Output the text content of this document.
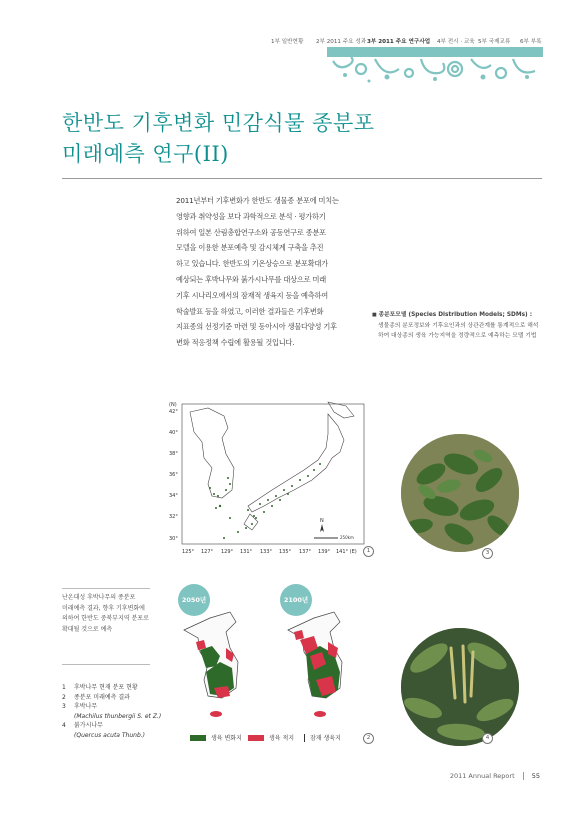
1부 일반현황 2부 2011 주요 성과 3부 2011 주요 연구사업 4부 전시 · 교육 5부 국제교류 6부 부록
한반도 기후변화 민감식물 종분포
미래예측 연구(II)

2011년부터 기후변화가 한반도 생물종 분포에 미치는

영향과 취약성을 보다 과학적으로 분석 · 평가하기

위하여 일본 산림총합연구소와 공동연구로 종분포

모델을 이용한 분포예측 및 감시체계 구축을 추진

하고 있습니다. 한반도의 기온상승으로 분포확대가

예상되는 후박나무와 붉가시나무를 대상으로 미래

기후 시나리오에서의 잠재적 생육지 등을 예측하여

학술발표 등을 하였고, 이러한 결과들은 기후변화

지표종의 선정기준 마련 및 동아시아 생물다양성 기후

변화 적응정책 수립에 활용될 것입니다.

■ 종분포모델 (Species Distribution Models; SDMs) :
생물종의 분포정보와 기후요인과의 상관관계를 통계적으로 해석
하여 대상종의 생육 가능지역을 정량적으로 예측하는 모델 기법
(N)
42°
40°
38°
36°
34°
32°
30°
125° 127° 129° 131° 133° 135° 137° 139° 141° (E)
N
250km
1	3
난온대성 후박나무의 종분포
미래예측 결과, 향후 기후변화에
의하여 한반도 중북부지역 분포로
확대될 것으로 예측
2050년	2100년
1	후박나무 현재 분포 현황
2	종분포 미래예측 결과
3	후박나무
(Machilus thunbergii S. et Z.)
4	붉가시나무
(Quercus acuta Thunb.)	생육 변화지	생육 적지	잠재 생육지	2	4
2011 Annual Report	55
